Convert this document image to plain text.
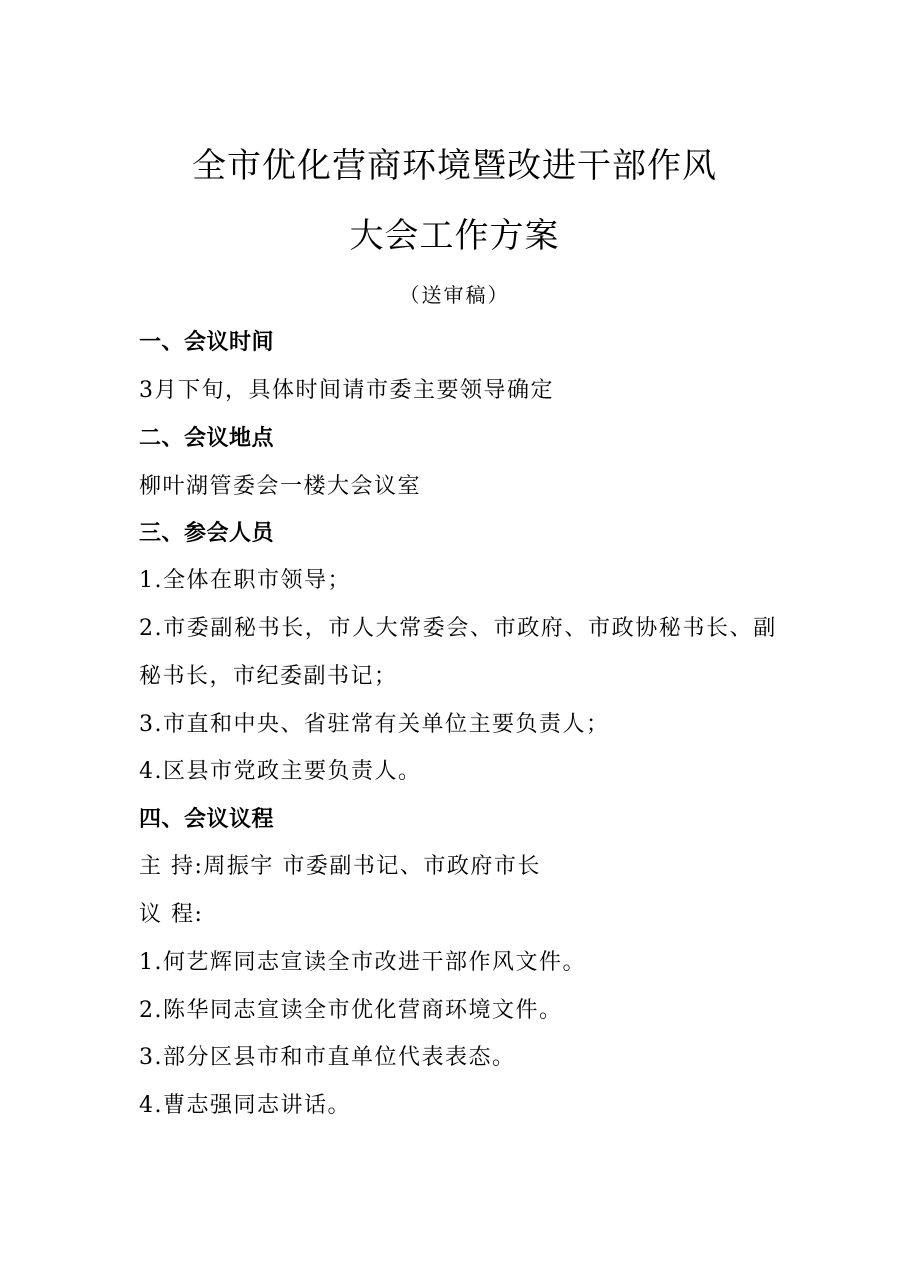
全市优化营商环境暨改进干部作风
大会工作方案
（送审稿）
一、会议时间
3月下旬，具体时间请市委主要领导确定
二、会议地点
柳叶湖管委会一楼大会议室
三、参会人员
1.全体在职市领导；
2.市委副秘书长，市人大常委会、市政府、市政协秘书长、副
秘书长，市纪委副书记；
3.市直和中央、省驻常有关单位主要负责人；
4.区县市党政主要负责人。
四、会议议程
主 持:周振宇 市委副书记、市政府市长
议 程:
1.何艺辉同志宣读全市改进干部作风文件。
2.陈华同志宣读全市优化营商环境文件。
3.部分区县市和市直单位代表表态。
4.曹志强同志讲话。
